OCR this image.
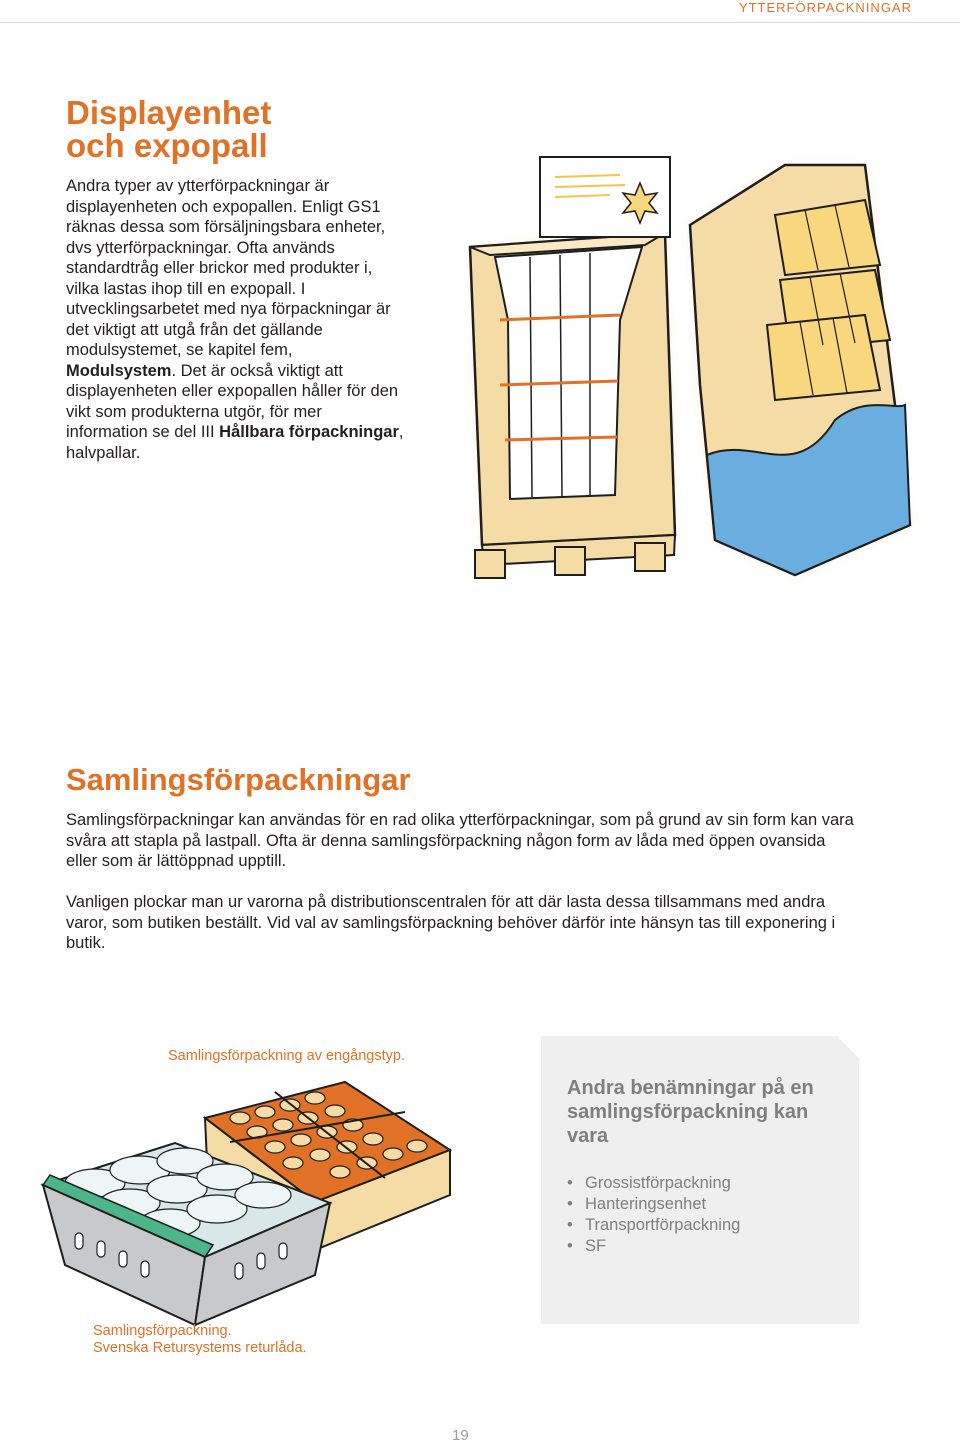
YTTERFÖRPACKNINGAR
Displayenhet
och expopall

Andra typer av ytterförpackningar är displayenheten och expopallen. Enligt GS1 räknas dessa som försäljningsbara enheter, dvs ytterförpackningar. Ofta används standardtråg eller brickor med produkter i, vilka lastas ihop till en expopall. I utvecklingsarbetet med nya förpackningar är det viktigt att utgå från det gällande modulsystemet, se kapitel fem, Modulsystem. Det är också viktigt att displayenheten eller expopallen håller för den vikt som produkterna utgör, för mer information se del III Hållbara förpackningar, halvpallar.

Samlingsförpackningar

Samlingsförpackningar kan användas för en rad olika ytterförpackningar, som på grund av sin form kan vara svåra att stapla på lastpall. Ofta är denna samlingsförpackning någon form av låda med öppen ovansida eller som är lättöppnad upptill.

Vanligen plockar man ur varorna på distributionscentralen för att där lasta dessa tillsammans med andra varor, som butiken beställt. Vid val av samlingsförpackning behöver därför inte hänsyn tas till exponering i butik.

Samlingsförpackning av engångstyp.
Samlingsförpackning.
Svenska Retursystems returlåda.
Andra benämningar på en samlingsförpackning kan vara
• Grossistförpackning
• Hanteringsenhet
• Transportförpackning
• SF
19
